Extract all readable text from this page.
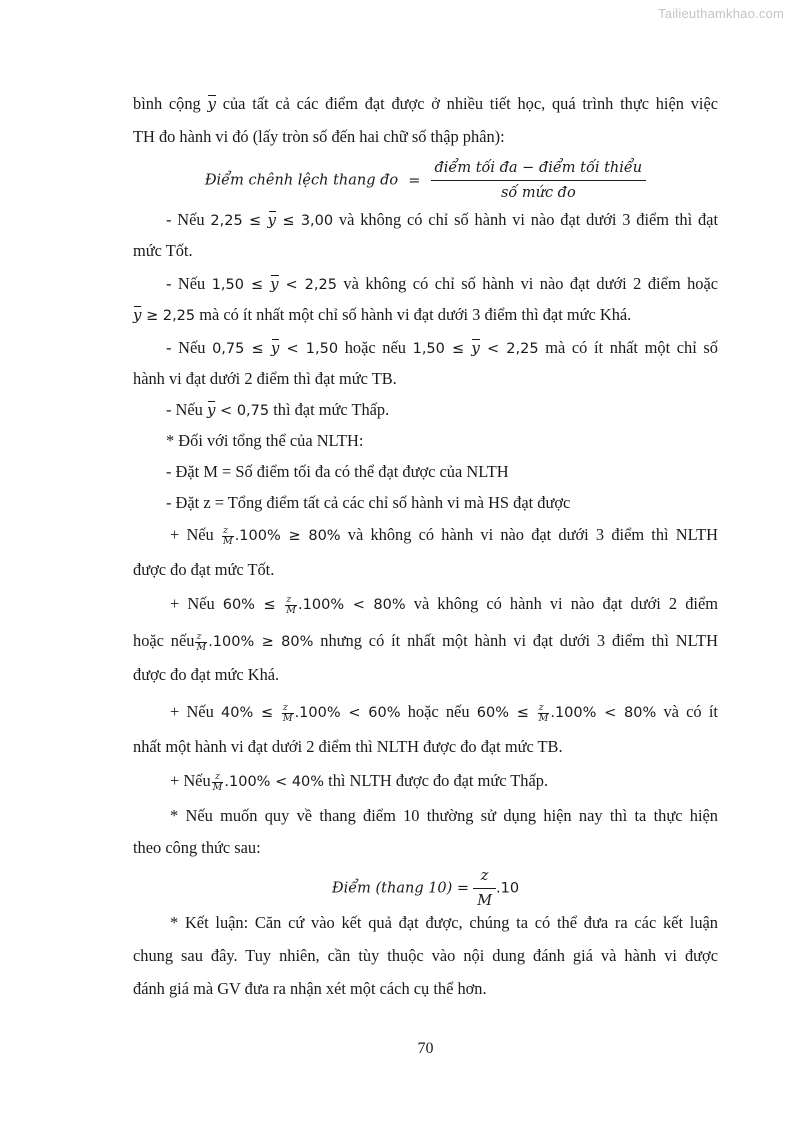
Tailieuthamkhao.com
bình cộng y của tất cả các điểm đạt được ở nhiều tiết học, quá trình thực hiện việc
TH đo hành vi đó (lấy tròn số đến hai chữ số thập phân):
Điểm chênh lệch thang đo = $\frac{\text{điểm tối đa − điểm tối thiểu}}{\text{số mức đo}}$
- Nếu 2,25 ≤ y ≤ 3,00 và không có chỉ số hành vi nào đạt dưới 3 điểm thì đạt
mức Tốt.
- Nếu 1,50 ≤ y < 2,25 và không có chỉ số hành vi nào đạt dưới 2 điểm hoặc
y ≥ 2,25 mà có ít nhất một chỉ số hành vi đạt dưới 3 điểm thì đạt mức Khá.
- Nếu 0,75 ≤ y < 1,50 hoặc nếu 1,50 ≤ y < 2,25 mà có ít nhất một chỉ số
hành vi đạt dưới 2 điểm thì đạt mức TB.
- Nếu y < 0,75 thì đạt mức Thấp.
* Đối với tổng thể của NLTH:
- Đặt M = Số điểm tối đa có thể đạt được của NLTH
- Đặt z = Tổng điểm tất cả các chỉ số hành vi mà HS đạt được
+ Nếu $\frac{z}{M} .100\% \ge 80\%$ và không có hành vi nào đạt dưới 3 điểm thì NLTH
được đo đạt mức Tốt.
+ Nếu $60\% \le \frac{z}{M} .100\% < 80\%$ và không có hành vi nào đạt dưới 2 điểm
hoặc nếu $\frac{z}{M} .100\% \ge 80\%$ nhưng có ít nhất một hành vi đạt dưới 3 điểm thì NLTH
được đo đạt mức Khá.
+ Nếu $40\% \le \frac{z}{M} .100\% < 60\%$ hoặc nếu $60\% \le \frac{z}{M} .100\% < 80\%$ và có ít
nhất một hành vi đạt dưới 2 điểm thì NLTH được đo đạt mức TB.
+ Nếu $\frac{z}{M} .100\% < 40\%$ thì NLTH được đo đạt mức Thấp.
* Nếu muốn quy về thang điểm 10 thường sử dụng hiện nay thì ta thực hiện
theo công thức sau:
Điểm (thang $10) = \frac{z}{M} .10$
* Kết luận: Căn cứ vào kết quả đạt được, chúng ta có thể đưa ra các kết luận
chung sau đây. Tuy nhiên, cần tùy thuộc vào nội dung đánh giá và hành vi được
đánh giá mà GV đưa ra nhận xét một cách cụ thể hơn.
70
